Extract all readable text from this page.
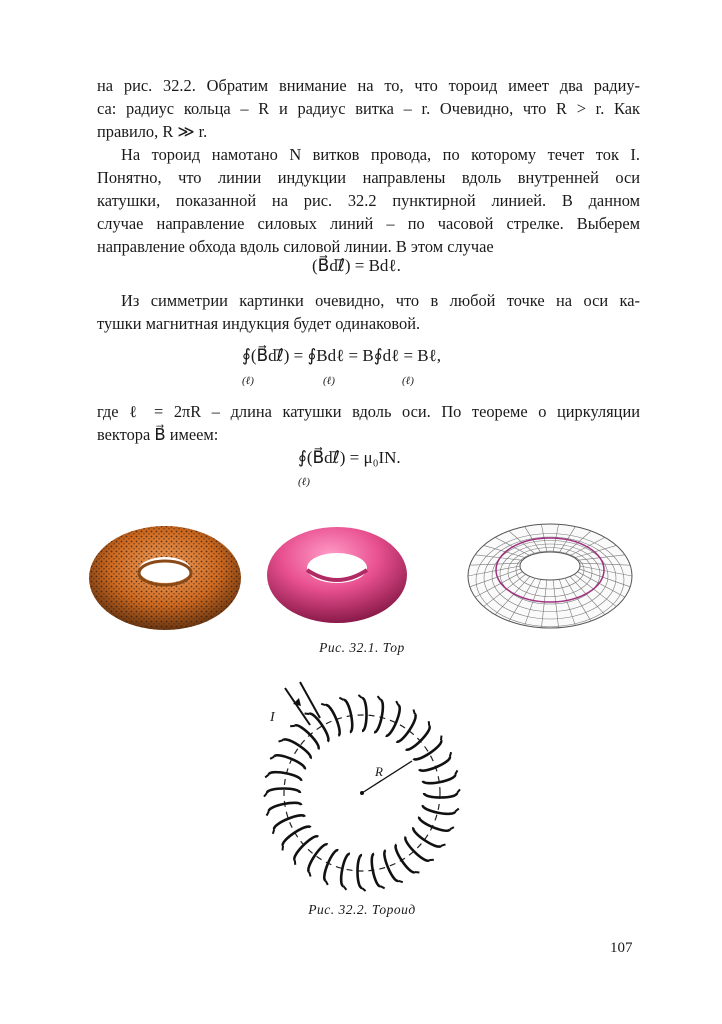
на рис. 32.2. Обратим внимание на то, что тороид имеет два радиу-
са: радиус кольца – R и радиус витка – r. Очевидно, что R > r. Как
правило, R ≫ r.
На тороид намотано N витков провода, по которому течет ток I.
Понятно, что линии индукции направлены вдоль внутренней оси
катушки, показанной на рис. 32.2 пунктирной линией. В данном
случае направление силовых линий – по часовой стрелке. Выберем
направление обхода вдоль силовой линии. В этом случае
(B⃗dℓ⃗) = Bdℓ.
Из симметрии картинки очевидно, что в любой точке на оси ка-
тушки магнитная индукция будет одинаковой.
∮(B⃗dℓ⃗) = ∮Bdℓ = B∮dℓ = Bℓ,
(ℓ)	(ℓ)	(ℓ)
где ℓ = 2πR – длина катушки вдоль оси. По теореме о циркуляции
вектора B⃗ имеем:
∮(B⃗dℓ⃗) = μ₀IN.
(ℓ)
Рис. 32.1. Тор
I
R
Рис. 32.2. Тороид
107
